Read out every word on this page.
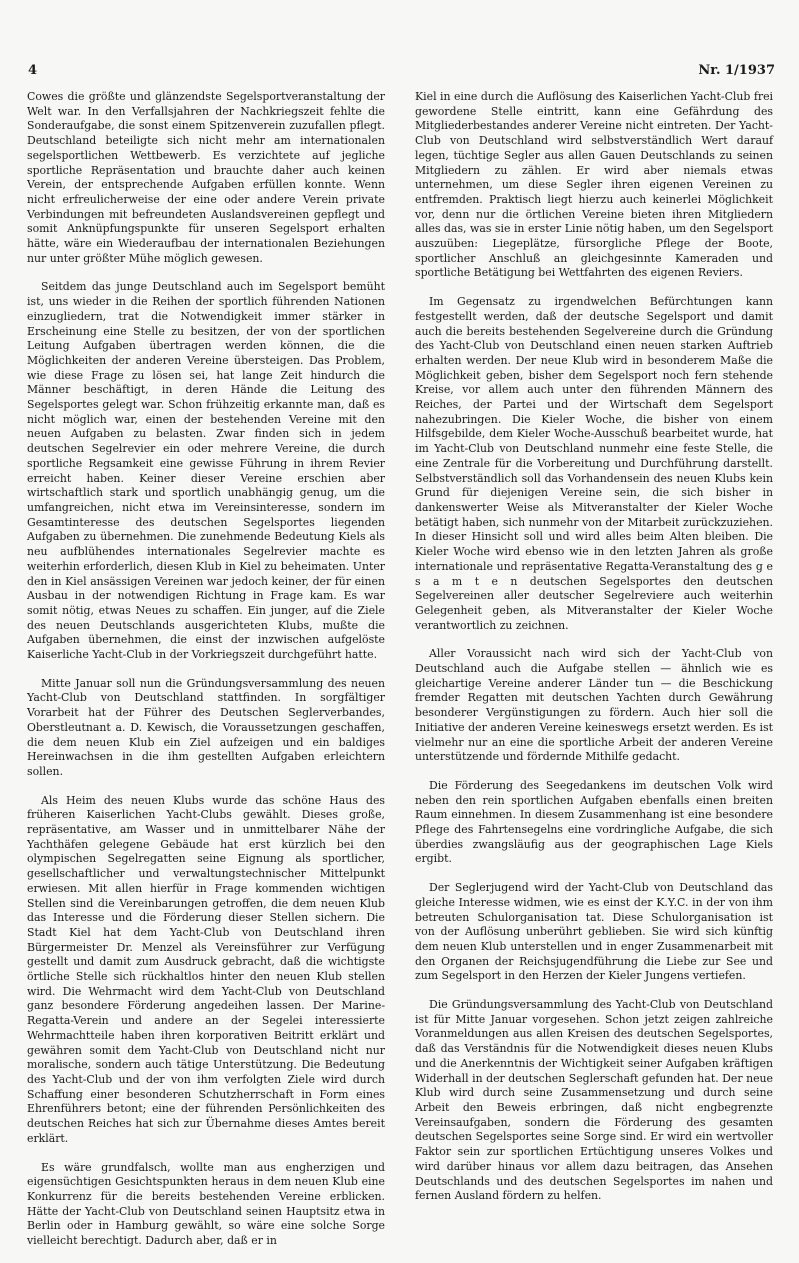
4	Nr. 1/1937

Cowes die größte und glänzendste Segelsportveranstaltung der Welt war. In den Verfallsjahren der Nachkriegszeit fehlte die Sonderaufgabe, die sonst einem Spitzenverein zuzufallen pflegt. Deutschland beteiligte sich nicht mehr am internationalen segelsportlichen Wettbewerb. Es verzichtete auf jegliche sportliche Repräsentation und brauchte daher auch keinen Verein, der entsprechende Aufgaben erfüllen konnte. Wenn nicht erfreulicherweise der eine oder andere Verein private Verbindungen mit befreundeten Auslandsvereinen gepflegt und somit Anknüpfungspunkte für unseren Segelsport erhalten hätte, wäre ein Wiederaufbau der internationalen Beziehungen nur unter größter Mühe möglich gewesen.

Seitdem das junge Deutschland auch im Segelsport bemüht ist, uns wieder in die Reihen der sportlich führenden Nationen einzugliedern, trat die Notwendigkeit immer stärker in Erscheinung eine Stelle zu besitzen, der von der sportlichen Leitung Aufgaben übertragen werden können, die die Möglichkeiten der anderen Vereine übersteigen. Das Problem, wie diese Frage zu lösen sei, hat lange Zeit hindurch die Männer beschäftigt, in deren Hände die Leitung des Segelsportes gelegt war. Schon frühzeitig erkannte man, daß es nicht möglich war, einen der bestehenden Vereine mit den neuen Aufgaben zu belasten. Zwar finden sich in jedem deutschen Segelrevier ein oder mehrere Vereine, die durch sportliche Regsamkeit eine gewisse Führung in ihrem Revier erreicht haben. Keiner dieser Vereine erschien aber wirtschaftlich stark und sportlich unabhängig genug, um die umfangreichen, nicht etwa im Vereinsinteresse, sondern im Gesamtinteresse des deutschen Segelsportes liegenden Aufgaben zu übernehmen. Die zunehmende Bedeutung Kiels als neu aufblühendes internationales Segelrevier machte es weiterhin erforderlich, diesen Klub in Kiel zu beheimaten. Unter den in Kiel ansässigen Vereinen war jedoch keiner, der für einen Ausbau in der notwendigen Richtung in Frage kam. Es war somit nötig, etwas Neues zu schaffen. Ein junger, auf die Ziele des neuen Deutschlands ausgerichteten Klubs, mußte die Aufgaben übernehmen, die einst der inzwischen aufgelöste Kaiserliche Yacht-Club in der Vorkriegszeit durchgeführt hatte.

Mitte Januar soll nun die Gründungsversammlung des neuen Yacht-Club von Deutschland stattfinden. In sorgfältiger Vorarbeit hat der Führer des Deutschen Seglerverbandes, Oberstleutnant a. D. Kewisch, die Voraussetzungen geschaffen, die dem neuen Klub ein Ziel aufzeigen und ein baldiges Hereinwachsen in die ihm gestellten Aufgaben erleichtern sollen.

Als Heim des neuen Klubs wurde das schöne Haus des früheren Kaiserlichen Yacht-Clubs gewählt. Dieses große, repräsentative, am Wasser und in unmittelbarer Nähe der Yachthäfen gelegene Gebäude hat erst kürzlich bei den olympischen Segelregatten seine Eignung als sportlicher, gesellschaftlicher und verwaltungstechnischer Mittelpunkt erwiesen. Mit allen hierfür in Frage kommenden wichtigen Stellen sind die Vereinbarungen getroffen, die dem neuen Klub das Interesse und die Förderung dieser Stellen sichern. Die Stadt Kiel hat dem Yacht-Club von Deutschland ihren Bürgermeister Dr. Menzel als Vereinsführer zur Verfügung gestellt und damit zum Ausdruck gebracht, daß die wichtigste örtliche Stelle sich rückhaltlos hinter den neuen Klub stellen wird. Die Wehrmacht wird dem Yacht-Club von Deutschland ganz besondere Förderung angedeihen lassen. Der Marine-Regatta-Verein und andere an der Segelei interessierte Wehrmachtteile haben ihren korporativen Beitritt erklärt und gewähren somit dem Yacht-Club von Deutschland nicht nur moralische, sondern auch tätige Unterstützung. Die Bedeutung des Yacht-Club und der von ihm verfolgten Ziele wird durch Schaffung einer besonderen Schutzherrschaft in Form eines Ehrenführers betont; eine der führenden Persönlichkeiten des deutschen Reiches hat sich zur Übernahme dieses Amtes bereit erklärt.

Es wäre grundfalsch, wollte man aus engherzigen und eigensüchtigen Gesichtspunkten heraus in dem neuen Klub eine Konkurrenz für die bereits bestehenden Vereine erblicken. Hätte der Yacht-Club von Deutschland seinen Hauptsitz etwa in Berlin oder in Hamburg gewählt, so wäre eine solche Sorge vielleicht berechtigt. Dadurch aber, daß er in

Kiel in eine durch die Auflösung des Kaiserlichen Yacht-Club frei gewordene Stelle eintritt, kann eine Gefährdung des Mitgliederbestandes anderer Vereine nicht eintreten. Der Yacht-Club von Deutschland wird selbstverständlich Wert darauf legen, tüchtige Segler aus allen Gauen Deutschlands zu seinen Mitgliedern zu zählen. Er wird aber niemals etwas unternehmen, um diese Segler ihren eigenen Vereinen zu entfremden. Praktisch liegt hierzu auch keinerlei Möglichkeit vor, denn nur die örtlichen Vereine bieten ihren Mitgliedern alles das, was sie in erster Linie nötig haben, um den Segelsport auszuüben: Liegeplätze, fürsorgliche Pflege der Boote, sportlicher Anschluß an gleichgesinnte Kameraden und sportliche Betätigung bei Wettfahrten des eigenen Reviers.

Im Gegensatz zu irgendwelchen Befürchtungen kann festgestellt werden, daß der deutsche Segelsport und damit auch die bereits bestehenden Segelvereine durch die Gründung des Yacht-Club von Deutschland einen neuen starken Auftrieb erhalten werden. Der neue Klub wird in besonderem Maße die Möglichkeit geben, bisher dem Segelsport noch fern stehende Kreise, vor allem auch unter den führenden Männern des Reiches, der Partei und der Wirtschaft dem Segelsport nahezubringen. Die Kieler Woche, die bisher von einem Hilfsgebilde, dem Kieler Woche-Ausschuß bearbeitet wurde, hat im Yacht-Club von Deutschland nunmehr eine feste Stelle, die eine Zentrale für die Vorbereitung und Durchführung darstellt. Selbstverständlich soll das Vorhandensein des neuen Klubs kein Grund für diejenigen Vereine sein, die sich bisher in dankenswerter Weise als Mitveranstalter der Kieler Woche betätigt haben, sich nunmehr von der Mitarbeit zurückzuziehen. In dieser Hinsicht soll und wird alles beim Alten bleiben. Die Kieler Woche wird ebenso wie in den letzten Jahren als große internationale und repräsentative Regatta-Veranstaltung des g e s a m t e n deutschen Segelsportes den deutschen Segelvereinen aller deutscher Segelreviere auch weiterhin Gelegenheit geben, als Mitveranstalter der Kieler Woche verantwortlich zu zeichnen.

Aller Voraussicht nach wird sich der Yacht-Club von Deutschland auch die Aufgabe stellen — ähnlich wie es gleichartige Vereine anderer Länder tun — die Beschickung fremder Regatten mit deutschen Yachten durch Gewährung besonderer Vergünstigungen zu fördern. Auch hier soll die Initiative der anderen Vereine keineswegs ersetzt werden. Es ist vielmehr nur an eine die sportliche Arbeit der anderen Vereine unterstützende und fördernde Mithilfe gedacht.

Die Förderung des Seegedankens im deutschen Volk wird neben den rein sportlichen Aufgaben ebenfalls einen breiten Raum einnehmen. In diesem Zusammenhang ist eine besondere Pflege des Fahrtensegelns eine vordringliche Aufgabe, die sich überdies zwangsläufig aus der geographischen Lage Kiels ergibt.

Der Seglerjugend wird der Yacht-Club von Deutschland das gleiche Interesse widmen, wie es einst der K.Y.C. in der von ihm betreuten Schulorganisation tat. Diese Schulorganisation ist von der Auflösung unberührt geblieben. Sie wird sich künftig dem neuen Klub unterstellen und in enger Zusammenarbeit mit den Organen der Reichsjugendführung die Liebe zur See und zum Segelsport in den Herzen der Kieler Jungens vertiefen.

Die Gründungsversammlung des Yacht-Club von Deutschland ist für Mitte Januar vorgesehen. Schon jetzt zeigen zahlreiche Voranmeldungen aus allen Kreisen des deutschen Segelsportes, daß das Verständnis für die Notwendigkeit dieses neuen Klubs und die Anerkenntnis der Wichtigkeit seiner Aufgaben kräftigen Widerhall in der deutschen Seglerschaft gefunden hat. Der neue Klub wird durch seine Zusammensetzung und durch seine Arbeit den Beweis erbringen, daß nicht engbegrenzte Vereinsaufgaben, sondern die Förderung des gesamten deutschen Segelsportes seine Sorge sind. Er wird ein wertvoller Faktor sein zur sportlichen Ertüchtigung unseres Volkes und wird darüber hinaus vor allem dazu beitragen, das Ansehen Deutschlands und des deutschen Segelsportes im nahen und fernen Ausland fördern zu helfen.
